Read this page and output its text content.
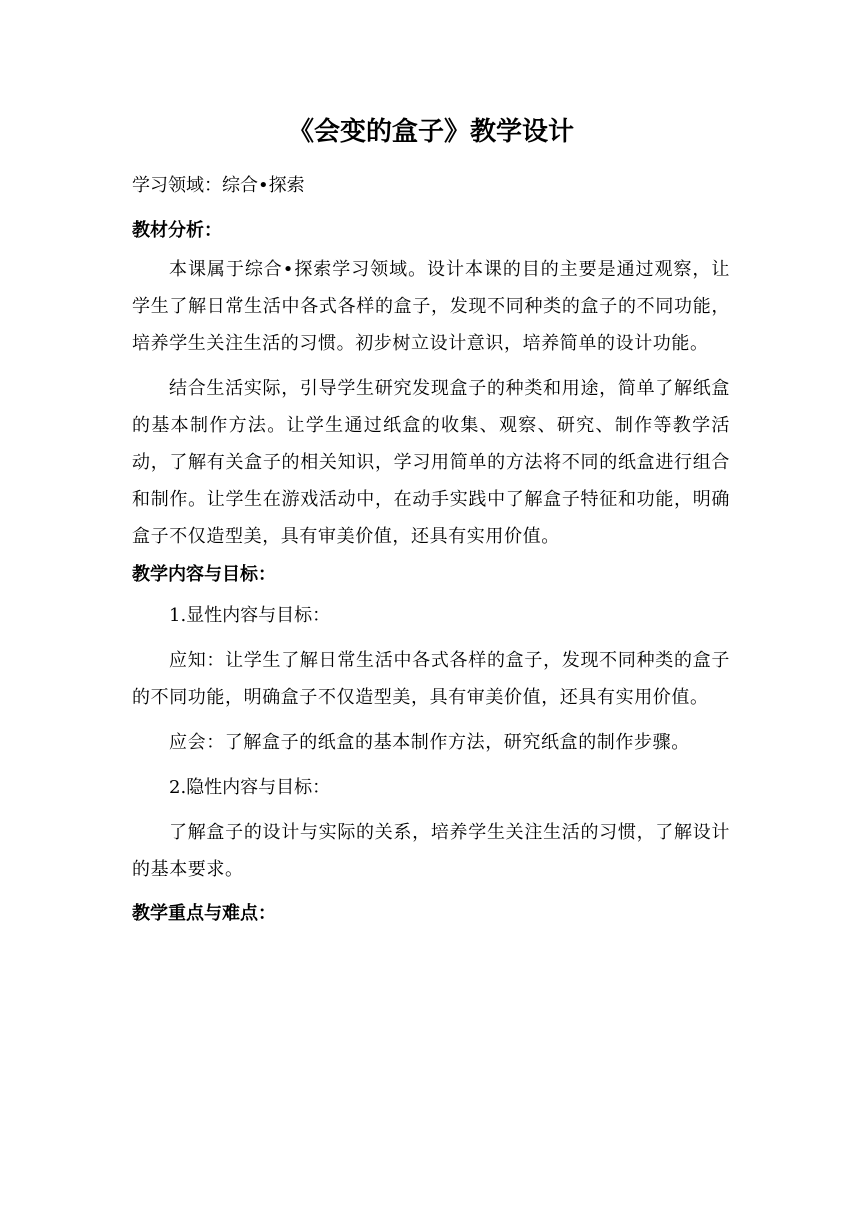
《会变的盒子》教学设计

学习领域：综合•探索

教材分析：

本课属于综合•探索学习领域。设计本课的目的主要是通过观察，让学生了解日常生活中各式各样的盒子，发现不同种类的盒子的不同功能，培养学生关注生活的习惯。初步树立设计意识，培养简单的设计功能。

结合生活实际，引导学生研究发现盒子的种类和用途，简单了解纸盒的基本制作方法。让学生通过纸盒的收集、观察、研究、制作等教学活动，了解有关盒子的相关知识，学习用简单的方法将不同的纸盒进行组合和制作。让学生在游戏活动中，在动手实践中了解盒子特征和功能，明确盒子不仅造型美，具有审美价值，还具有实用价值。

教学内容与目标：

1.显性内容与目标：

应知：让学生了解日常生活中各式各样的盒子，发现不同种类的盒子的不同功能，明确盒子不仅造型美，具有审美价值，还具有实用价值。

应会：了解盒子的纸盒的基本制作方法，研究纸盒的制作步骤。

2.隐性内容与目标：

了解盒子的设计与实际的关系，培养学生关注生活的习惯，了解设计的基本要求。

教学重点与难点：
